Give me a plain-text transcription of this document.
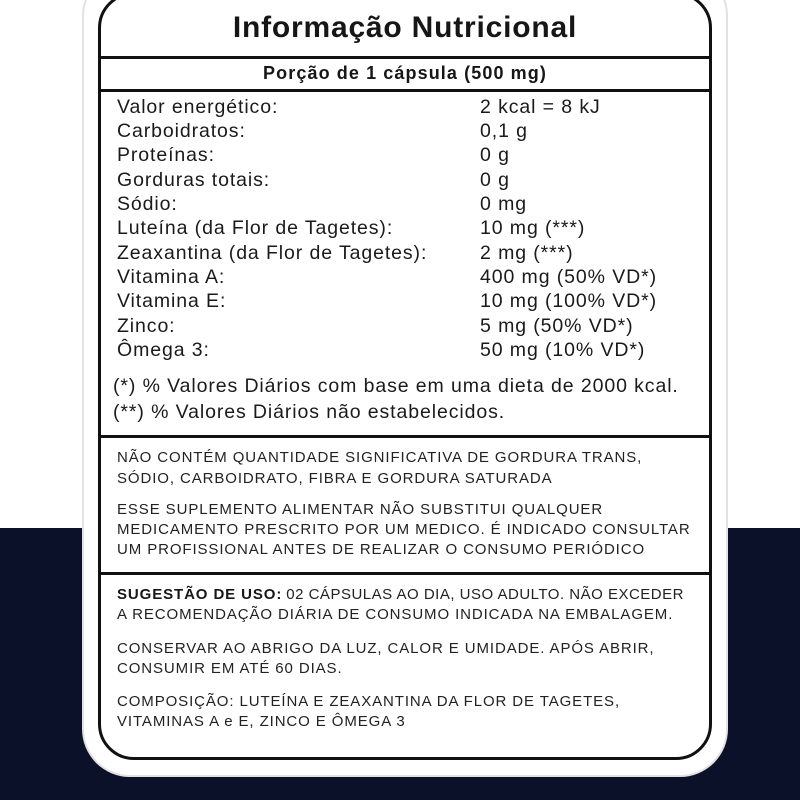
Informação Nutricional
Porção de 1 cápsula (500 mg)
Valor energético:	2 kcal = 8 kJ
Carboidratos:	0,1 g
Proteínas:	0 g
Gorduras totais:	0 g
Sódio:	0 mg
Luteína (da Flor de Tagetes):	10 mg (***)
Zeaxantina (da Flor de Tagetes):	2 mg (***)
Vitamina A:	400 mg (50% VD*)
Vitamina E:	10 mg (100% VD*)
Zinco:	5 mg (50% VD*)
Ômega 3:	50 mg (10% VD*)
(*) % Valores Diários com base em uma dieta de 2000 kcal.
(**) % Valores Diários não estabelecidos.
NÃO CONTÉM QUANTIDADE SIGNIFICATIVA DE GORDURA TRANS,
SÓDIO, CARBOIDRATO, FIBRA E GORDURA SATURADA
ESSE SUPLEMENTO ALIMENTAR NÃO SUBSTITUI QUALQUER
MEDICAMENTO PRESCRITO POR UM MEDICO. É INDICADO CONSULTAR
UM PROFISSIONAL ANTES DE REALIZAR O CONSUMO PERIÓDICO
SUGESTÃO DE USO: 02 CÁPSULAS AO DIA, USO ADULTO. NÃO EXCEDER
A RECOMENDAÇÃO DIÁRIA DE CONSUMO INDICADA NA EMBALAGEM.
CONSERVAR AO ABRIGO DA LUZ, CALOR E UMIDADE. APÓS ABRIR,
CONSUMIR EM ATÉ 60 DIAS.
COMPOSIÇÃO: LUTEÍNA E ZEAXANTINA DA FLOR DE TAGETES,
VITAMINAS A e E, ZINCO E ÔMEGA 3
